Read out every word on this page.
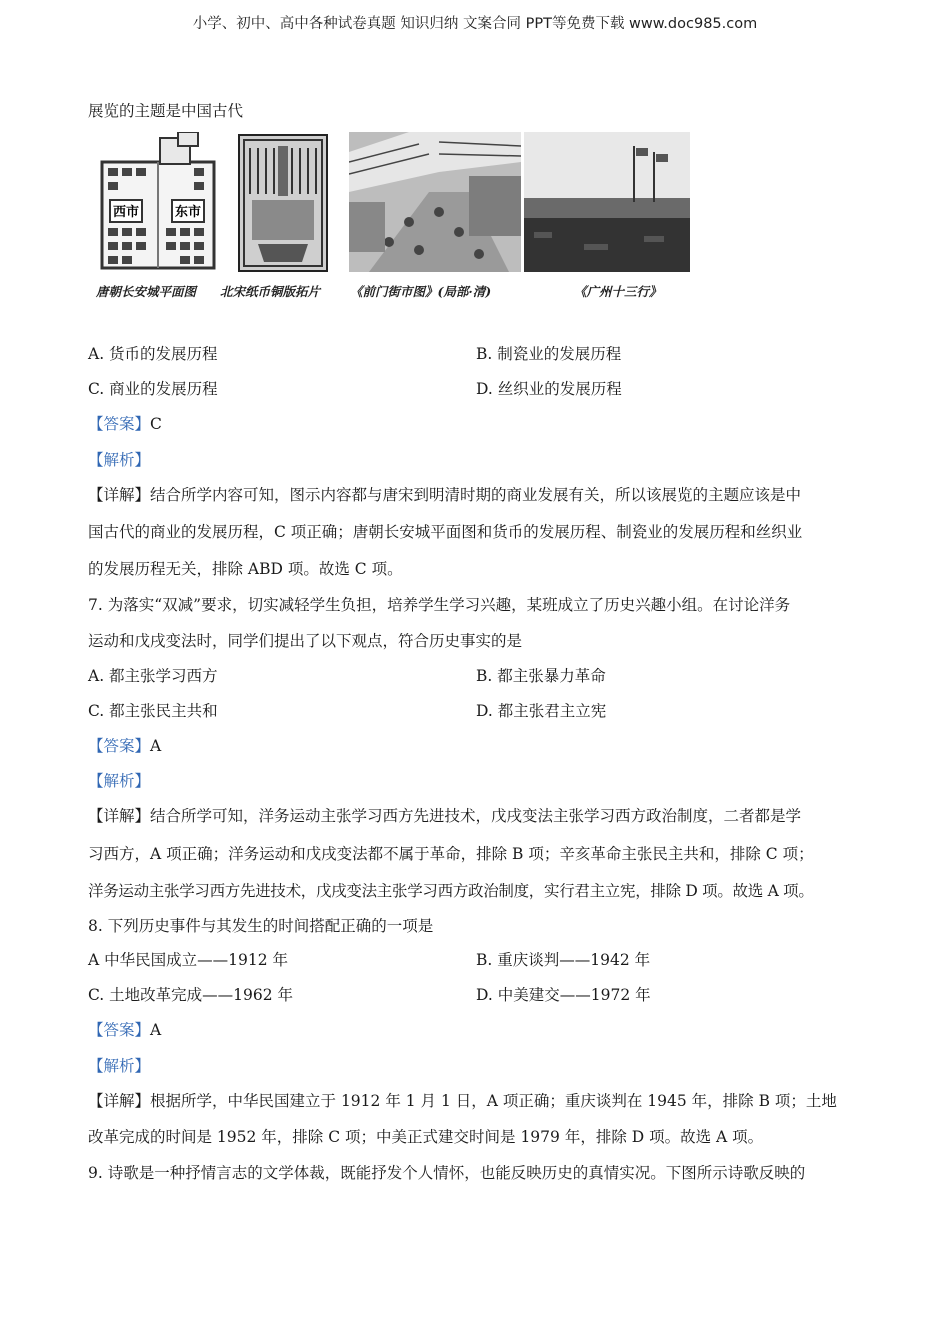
小学、初中、高中各种试卷真题 知识归纳 文案合同 PPT等免费下载 www.doc985.com
展览的主题是中国古代
西市	东市
唐朝长安城平面图 北宋纸币铜版拓片 《前门街市图》(局部·清)	《广州十三行》
A. 货币的发展历程	B. 制瓷业的发展历程
C. 商业的发展历程	D. 丝织业的发展历程
【答案】C
【解析】
【详解】结合所学内容可知，图示内容都与唐宋到明清时期的商业发展有关，所以该展览的主题应该是中
国古代的商业的发展历程，C 项正确；唐朝长安城平面图和货币的发展历程、制瓷业的发展历程和丝织业
的发展历程无关，排除 ABD 项。故选 C 项。
7. 为落实“双减”要求，切实减轻学生负担，培养学生学习兴趣，某班成立了历史兴趣小组。在讨论洋务
运动和戊戌变法时，同学们提出了以下观点，符合历史事实的是
A. 都主张学习西方	B. 都主张暴力革命
C. 都主张民主共和	D. 都主张君主立宪
【答案】A
【解析】
【详解】结合所学可知，洋务运动主张学习西方先进技术，戊戌变法主张学习西方政治制度，二者都是学
习西方，A 项正确；洋务运动和戊戌变法都不属于革命，排除 B 项；辛亥革命主张民主共和，排除 C 项；
洋务运动主张学习西方先进技术，戊戌变法主张学习西方政治制度，实行君主立宪，排除 D 项。故选 A 项。
8. 下列历史事件与其发生的时间搭配正确的一项是
A 中华民国成立——1912 年	B. 重庆谈判——1942 年
C. 土地改革完成——1962 年	D. 中美建交——1972 年
【答案】A
【解析】
【详解】根据所学，中华民国建立于 1912 年 1 月 1 日，A 项正确；重庆谈判在 1945 年，排除 B 项；土地
改革完成的时间是 1952 年，排除 C 项；中美正式建交时间是 1979 年，排除 D 项。故选 A 项。
9. 诗歌是一种抒情言志的文学体裁，既能抒发个人情怀，也能反映历史的真情实况。下图所示诗歌反映的
